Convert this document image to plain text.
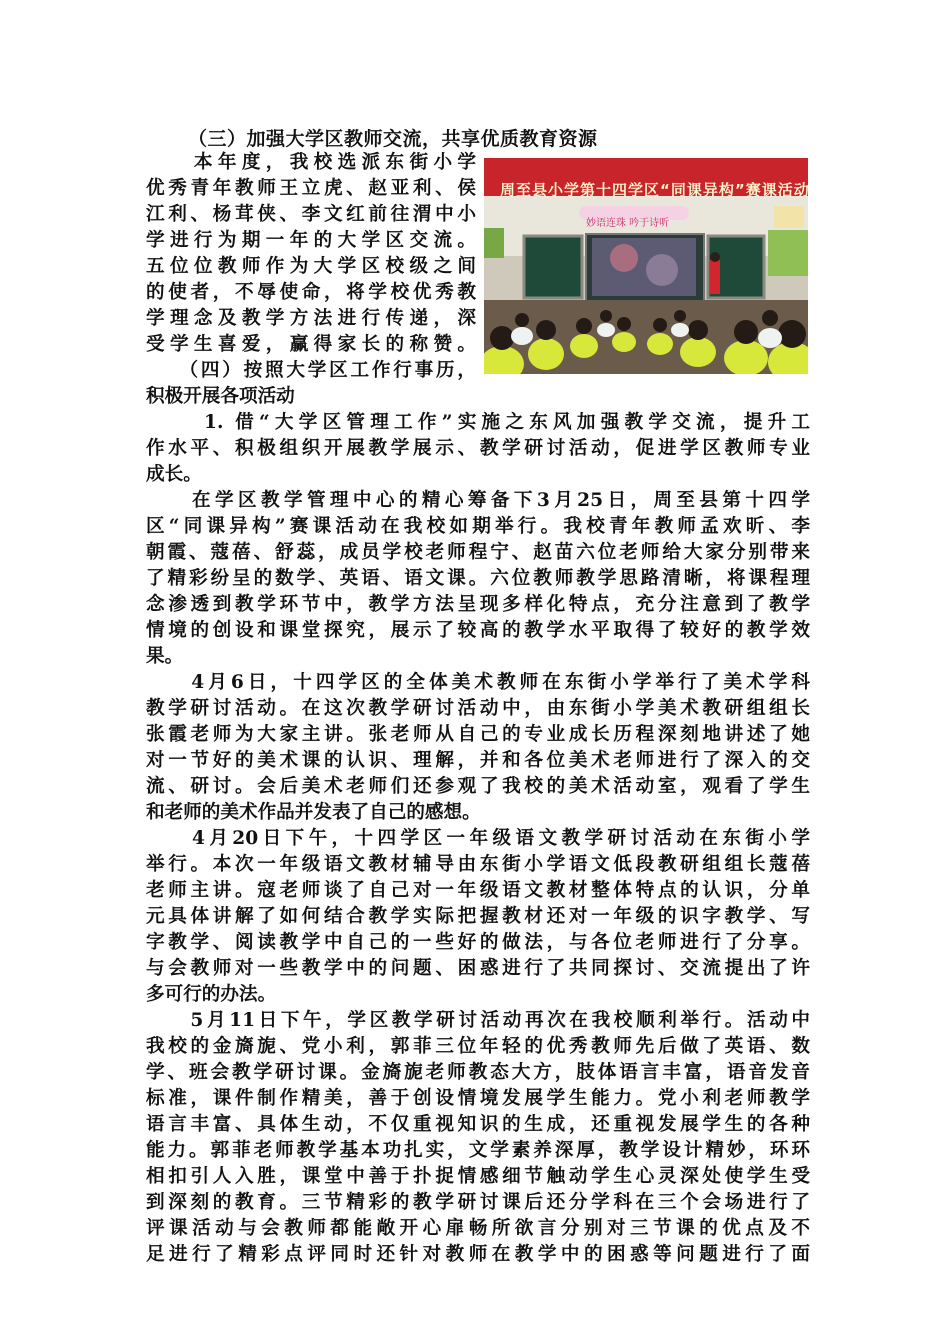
（三）加强大学区教师交流，共享优质教育资源
周至县小学第十四学区“同课异构”赛课活动
妙语连珠 吟于诗听
　　本年度，我校选派东街小学
优秀青年教师王立虎、赵亚利、侯
江利、杨茸侠、李文红前往渭中小
学进行为期一年的大学区交流。
五位位教师作为大学区校级之间
的使者，不辱使命，将学校优秀教
学理念及教学方法进行传递，深
受学生喜爱，赢得家长的称赞。
　　（四）按照大学区工作行事历，
积极开展各项活动
1. 借“大学区管理工作”实施之东风加强教学交流，提升工
作水平、积极组织开展教学展示、教学研讨活动，促进学区教师专业
成长。
　　在学区教学管理中心的精心筹备下3月25日，周至县第十四学
区“同课异构”赛课活动在我校如期举行。我校青年教师孟欢昕、李
朝霞、蔻蓓、舒蕊，成员学校老师程宁、赵苗六位老师给大家分别带来
了精彩纷呈的数学、英语、语文课。六位教师教学思路清晰，将课程理
念渗透到教学环节中，教学方法呈现多样化特点，充分注意到了教学
情境的创设和课堂探究，展示了较高的教学水平取得了较好的教学效
果。
　　4月6日，十四学区的全体美术教师在东街小学举行了美术学科
教学研讨活动。在这次教学研讨活动中，由东街小学美术教研组组长
张霞老师为大家主讲。张老师从自己的专业成长历程深刻地讲述了她
对一节好的美术课的认识、理解，并和各位美术老师进行了深入的交
流、研讨。会后美术老师们还参观了我校的美术活动室，观看了学生
和老师的美术作品并发表了自己的感想。
　　4月20日下午，十四学区一年级语文教学研讨活动在东街小学
举行。本次一年级语文教材辅导由东街小学语文低段教研组组长蔻蓓
老师主讲。寇老师谈了自己对一年级语文教材整体特点的认识，分单
元具体讲解了如何结合教学实际把握教材还对一年级的识字教学、写
字教学、阅读教学中自己的一些好的做法，与各位老师进行了分享。
与会教师对一些教学中的问题、困惑进行了共同探讨、交流提出了许
多可行的办法。
　　5月11日下午，学区教学研讨活动再次在我校顺利举行。活动中
我校的金旖旎、党小利，郭菲三位年轻的优秀教师先后做了英语、数
学、班会教学研讨课。金旖旎老师教态大方，肢体语言丰富，语音发音
标准，课件制作精美，善于创设情境发展学生能力。党小利老师教学
语言丰富、具体生动，不仅重视知识的生成，还重视发展学生的各种
能力。郭菲老师教学基本功扎实，文学素养深厚，教学设计精妙，环环
相扣引人入胜，课堂中善于扑捉情感细节触动学生心灵深处使学生受
到深刻的教育。三节精彩的教学研讨课后还分学科在三个会场进行了
评课活动与会教师都能敞开心扉畅所欲言分别对三节课的优点及不
足进行了精彩点评同时还针对教师在教学中的困惑等问题进行了面
